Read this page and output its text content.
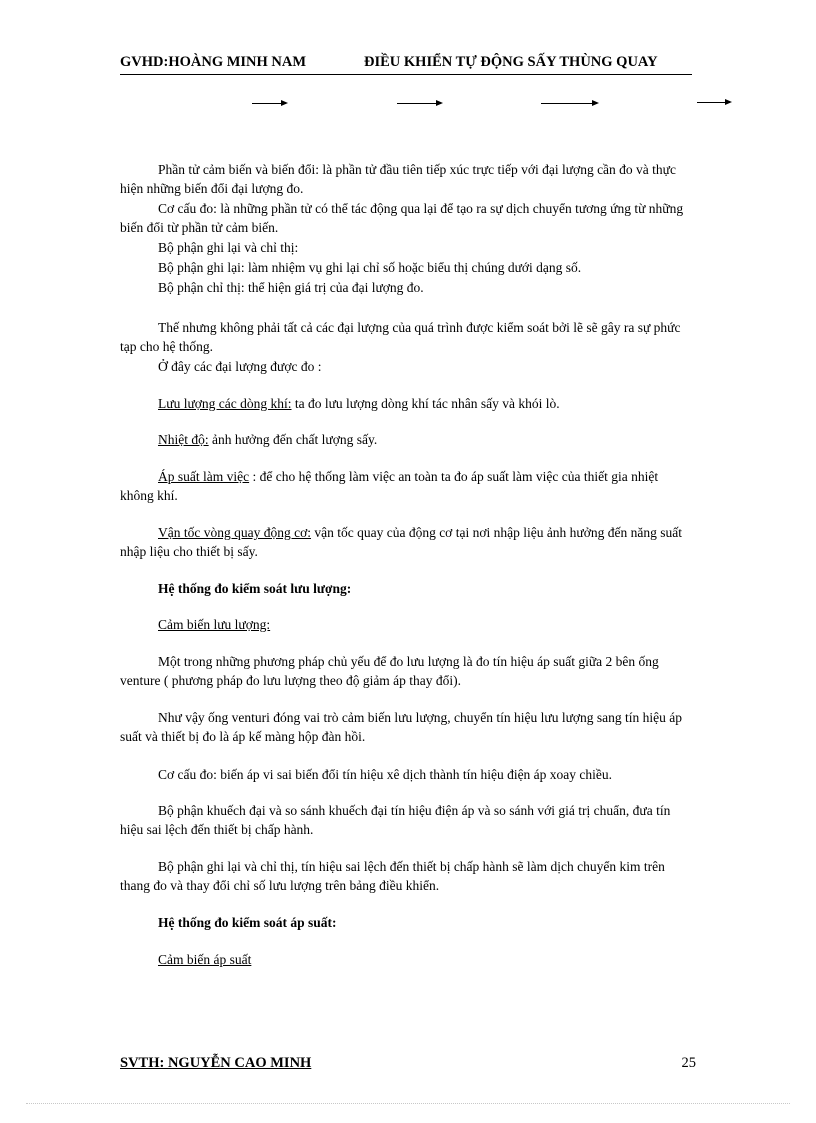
GVHD:HOÀNG MINH NAM	ĐIỀU KHIỂN TỰ ĐỘNG SẤY THÙNG QUAY
Phần tử cảm biến và biến đổi: là phần tử đầu tiên tiếp xúc trực tiếp với đại lượng cần đo và thực hiện những biến đổi đại lượng đo.
Cơ cấu đo: là những phần tử có thể tác động qua lại để tạo ra sự dịch chuyển tương ứng từ những biến đổi từ phần tử cảm biến.
Bộ phận ghi lại và chỉ thị:
Bộ phận ghi lại: làm nhiệm vụ ghi lại chỉ số hoặc biểu thị chúng dưới dạng số.
Bộ phận chỉ thị: thể hiện giá trị của đại lượng đo.
Thế nhưng không phải tất cả các đại lượng của quá trình được kiểm soát bởi lẽ sẽ gây ra sự phức tạp cho hệ thống.
Ở đây các đại lượng được đo :
Lưu lượng các dòng khí: ta đo lưu lượng dòng khí tác nhân sấy và khói lò.
Nhiệt độ: ảnh hưởng đến chất lượng sấy.
Áp suất làm việc : để cho hệ thống làm việc an toàn ta đo áp suất làm việc của thiết gia nhiệt không khí.
Vận tốc vòng quay động cơ: vận tốc quay của động cơ tại nơi nhập liệu ảnh hưởng đến năng suất nhập liệu cho thiết bị sấy.
Hệ thống đo kiểm soát lưu lượng:
Cảm biến lưu lượng:
Một trong những phương pháp chủ yếu để đo lưu lượng là đo tín hiệu áp suất giữa 2 bên ống venture ( phương pháp đo lưu lượng theo độ giảm áp thay đổi).
Như vậy ống venturi đóng vai trò cảm biến lưu lượng, chuyển tín hiệu lưu lượng sang tín hiệu áp suất và thiết bị đo là áp kế màng hộp đàn hồi.
Cơ cấu đo: biến áp vi sai biến đổi tín hiệu xê dịch thành tín hiệu điện áp xoay chiều.
Bộ phận khuếch đại và so sánh khuếch đại tín hiệu điện áp và so sánh với giá trị chuẩn, đưa tín hiệu sai lệch đến thiết bị chấp hành.
Bộ phận ghi lại và chỉ thị, tín hiệu sai lệch đến thiết bị chấp hành sẽ làm dịch chuyển kim trên thang đo và thay đổi chỉ số lưu lượng trên bảng điều khiển.
Hệ thống đo kiểm soát áp suất:
Cảm biến áp suất
SVTH: NGUYỄN CAO MINH	25
